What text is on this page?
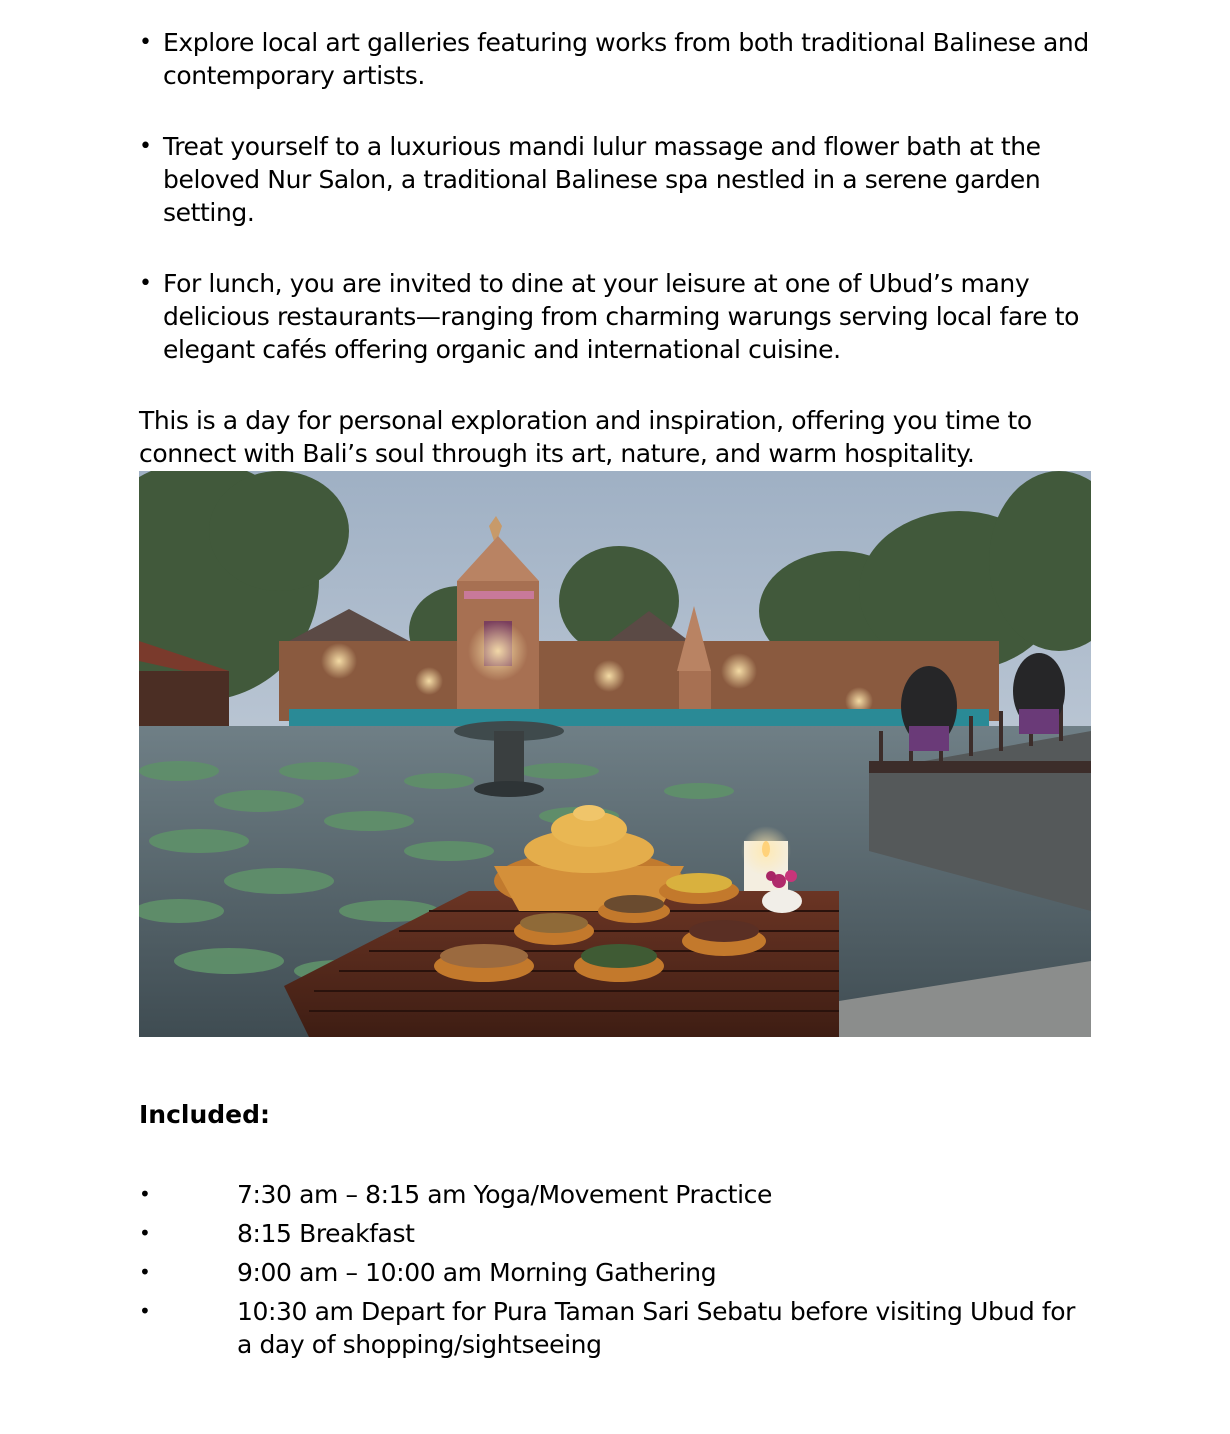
• Explore local art galleries featuring works from both traditional Balinese and contemporary artists.
• Treat yourself to a luxurious mandi lulur massage and flower bath at the beloved Nur Salon, a traditional Balinese spa nestled in a serene garden setting.
• For lunch, you are invited to dine at your leisure at one of Ubud’s many delicious restaurants—ranging from charming warungs serving local fare to elegant cafés offering organic and international cuisine.

This is a day for personal exploration and inspiration, offering you time to connect with Bali’s soul through its art, nature, and warm hospitality.

Included:
• 7:30 am – 8:15 am Yoga/Movement Practice
• 8:15 Breakfast
• 9:00 am – 10:00 am Morning Gathering
• 10:30 am Depart for Pura Taman Sari Sebatu before visiting Ubud for a day of shopping/sightseeing
